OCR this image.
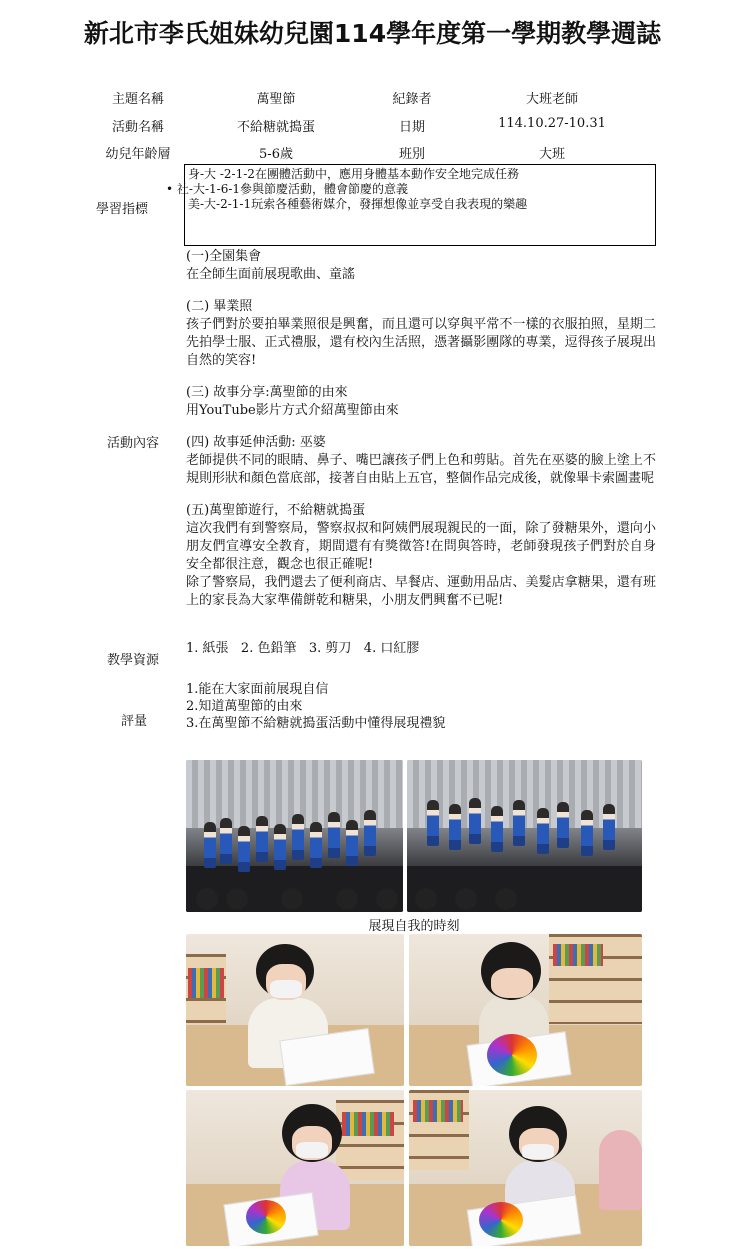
新北市李氏姐妹幼兒園114學年度第一學期教學週誌
主題名稱	萬聖節	紀錄者	大班老師
活動名稱	不給糖就搗蛋	日期	114.10.27-10.31
幼兒年齡層	5-6歲	班別	大班
學習指標
身-大 -2-1-2在團體活動中，應用身體基本動作安全地完成任務
• 社-大-1-6-1參與節慶活動，體會節慶的意義
美-大-2-1-1玩索各種藝術媒介，發揮想像並享受自我表現的樂趣
活動內容
(一)全園集會

在全師生面前展現歌曲、童謠

(二) 畢業照

孩子們對於要拍畢業照很是興奮，而且還可以穿與平常不一樣的衣服拍照，星期二先拍學士服、正式禮服，還有校內生活照，憑著攝影團隊的專業，逗得孩子展現出自然的笑容!

(三) 故事分享:萬聖節的由來

用YouTube影片方式介紹萬聖節由來

(四) 故事延伸活動: 巫婆

老師提供不同的眼睛、鼻子、嘴巴讓孩子們上色和剪貼。首先在巫婆的臉上塗上不規則形狀和顏色當底部，接著自由貼上五官，整個作品完成後，就像畢卡索圖畫呢

(五)萬聖節遊行，不給糖就搗蛋

這次我們有到警察局，警察叔叔和阿姨們展現親民的一面，除了發糖果外，還向小朋友們宣導安全教育，期間還有有獎徵答!在問與答時，老師發現孩子們對於自身安全都很注意，觀念也很正確呢!
除了警察局，我們還去了便利商店、早餐店、運動用品店、美髮店拿糖果，還有班上的家長為大家準備餅乾和糖果，小朋友們興奮不已呢!

教學資源
1. 紙張   2. 色鉛筆   3. 剪刀   4. 口紅膠
評量
1.能在大家面前展現自信
2.知道萬聖節的由來
3.在萬聖節不給糖就搗蛋活動中懂得展現禮貌
展現自我的時刻
